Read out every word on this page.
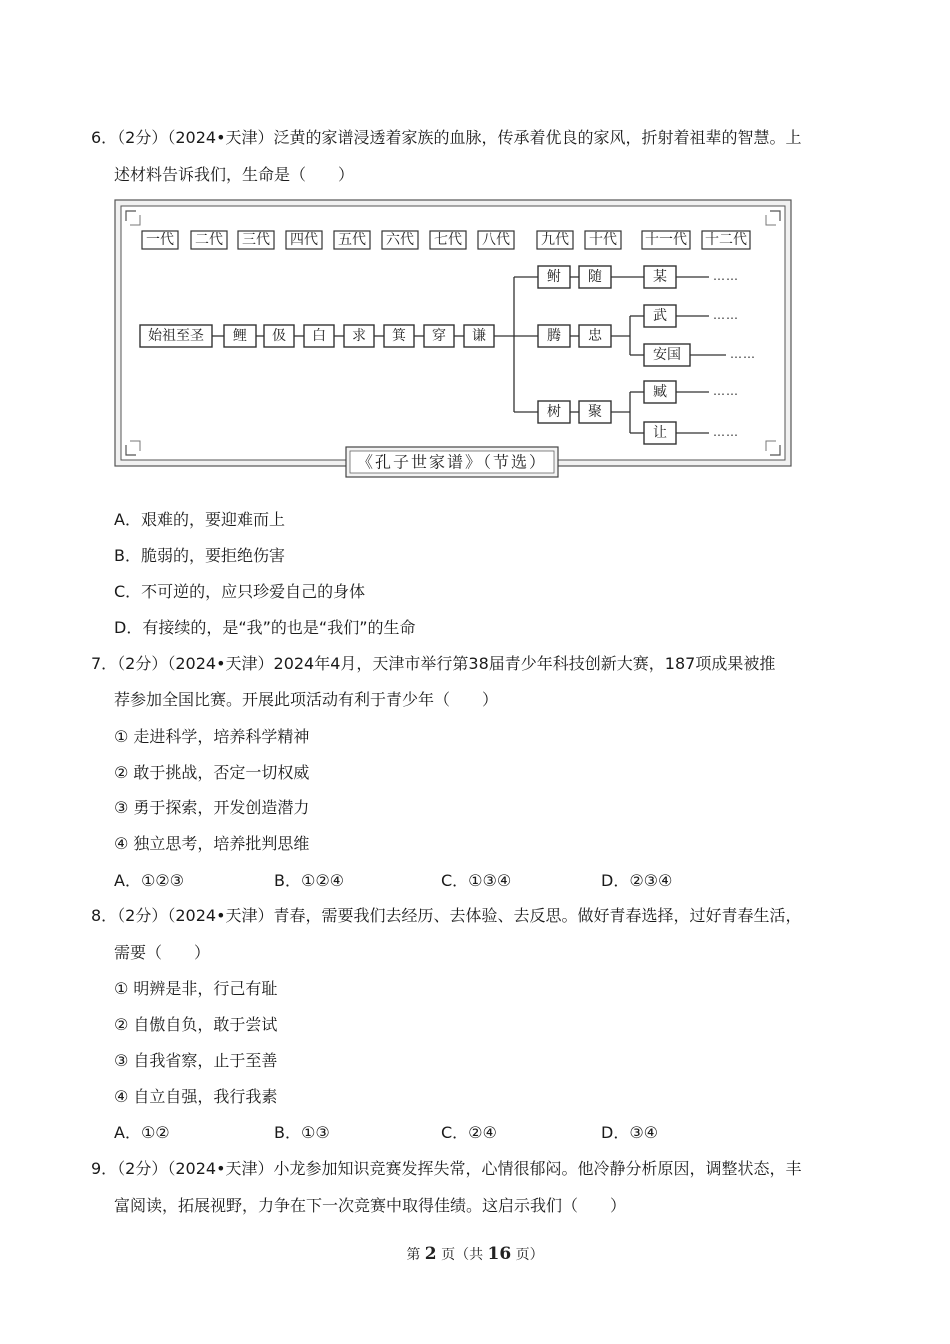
6．（2分）（2024•天津）泛黄的家谱浸透着家族的血脉，传承着优良的家风，折射着祖辈的智慧。上
述材料告诉我们，生命是（　　）
一代 二代 三代 四代 五代 六代 七代 八代 九代 十代 十一代 十二代
始祖至圣 鲤 伋 白 求 箕 穿 谦
鲋 随	某
腾 忠
武
安国
树 聚
臧
让
……
……
……
……
……
《孔子世家谱》（节选）
A．艰难的，要迎难而上
B．脆弱的，要拒绝伤害
C．不可逆的，应只珍爱自己的身体
D．有接续的，是“我”的也是“我们”的生命
7．（2分）（2024•天津）2024年4月，天津市举行第38届青少年科技创新大赛，187项成果被推
荐参加全国比赛。开展此项活动有利于青少年（　　）
① 走进科学，培养科学精神
② 敢于挑战，否定一切权威
③ 勇于探索，开发创造潜力
④ 独立思考，培养批判思维
A．①②③	B．①②④	C．①③④	D．②③④
8．（2分）（2024•天津）青春，需要我们去经历、去体验、去反思。做好青春选择，过好青春生活，
需要（　　）
① 明辨是非，行己有耻
② 自傲自负，敢于尝试
③ 自我省察，止于至善
④ 自立自强，我行我素
A．①②	B．①③	C．②④	D．③④
9．（2分）（2024•天津）小龙参加知识竞赛发挥失常，心情很郁闷。他冷静分析原因，调整状态，丰
富阅读，拓展视野，力争在下一次竞赛中取得佳绩。这启示我们（　　）
第 2 页（共 16 页）
